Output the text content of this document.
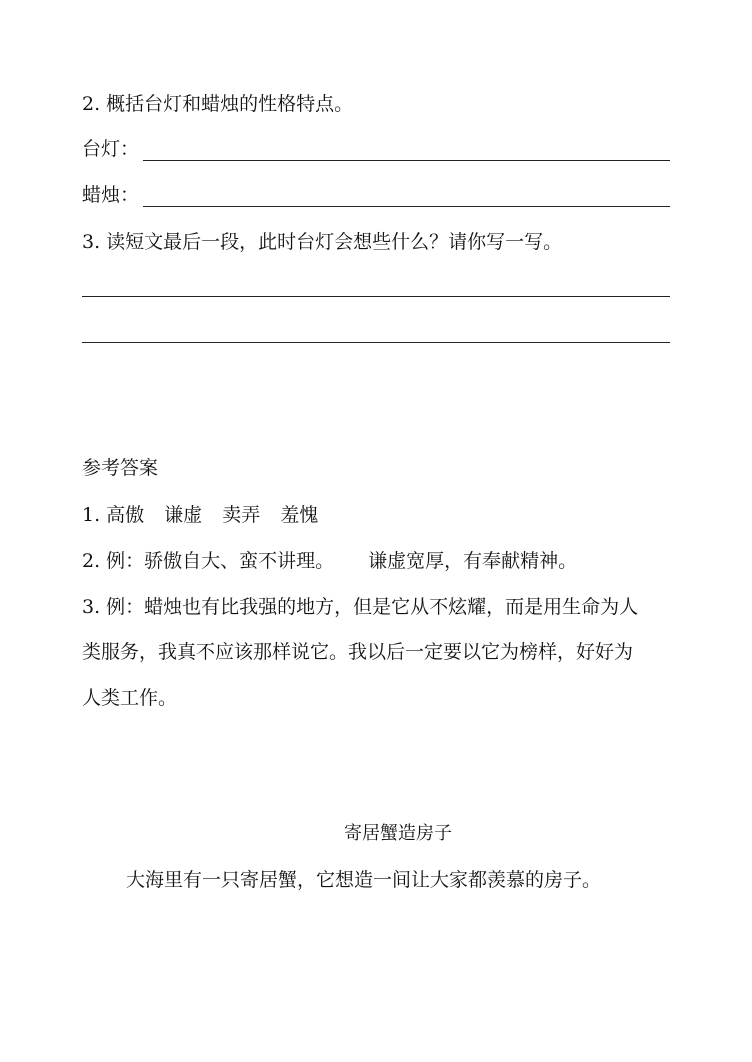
2. 概括台灯和蜡烛的性格特点。
台灯：
蜡烛：
3. 读短文最后一段，此时台灯会想些什么？请你写一写。
参考答案
1. 高傲 谦虚 卖弄 羞愧
2. 例：骄傲自大、蛮不讲理。 谦虚宽厚，有奉献精神。
3. 例：蜡烛也有比我强的地方，但是它从不炫耀，而是用生命为人
类服务，我真不应该那样说它。我以后一定要以它为榜样，好好为
人类工作。
寄居蟹造房子
大海里有一只寄居蟹，它想造一间让大家都羡慕的房子。
